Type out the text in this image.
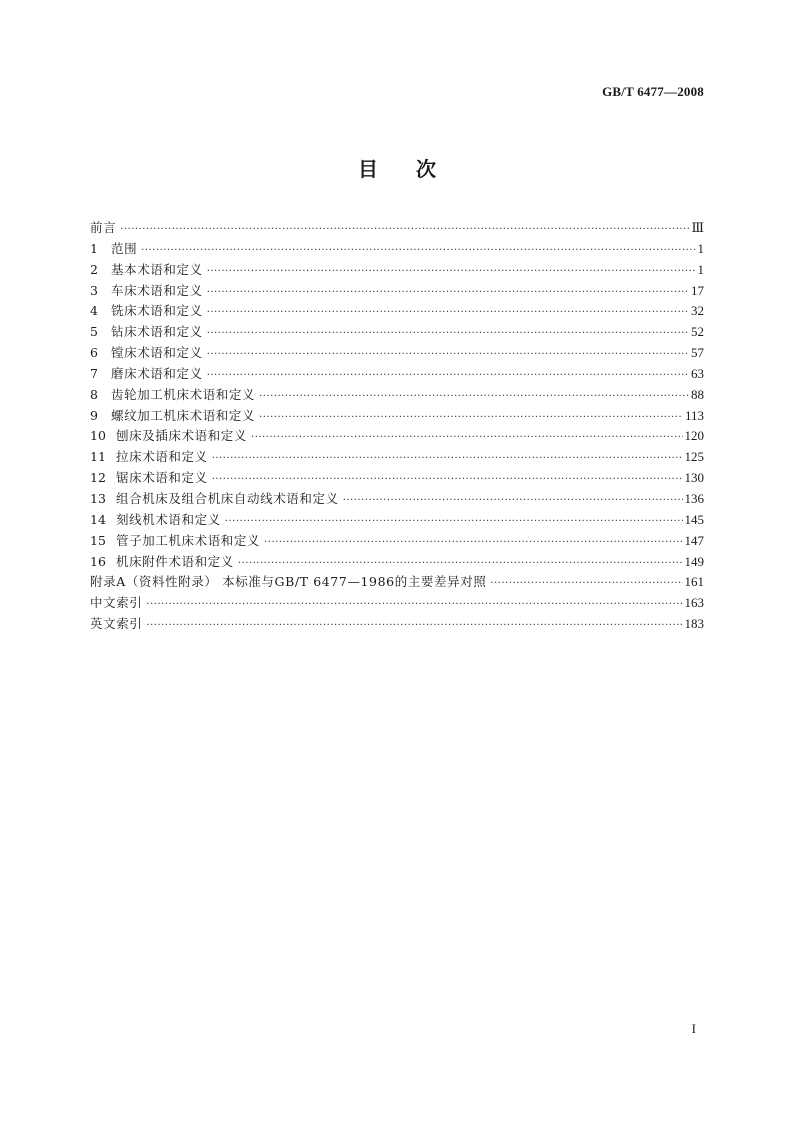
GB/T 6477—2008
目次
前言 ·····	Ⅲ
1	范围 ·····	1
2	基本术语和定义 ·····	1
3	车床术语和定义 ·····	17
4	铣床术语和定义 ·····	32
5	钻床术语和定义 ·····	52
6	镗床术语和定义 ·····	57
7	磨床术语和定义 ·····	63
8	齿轮加工机床术语和定义 ·····	88
9	螺纹加工机床术语和定义 ·····	113
10 刨床及插床术语和定义 ·····	120
11 拉床术语和定义 ·····	125
12 锯床术语和定义 ·····	130
13 组合机床及组合机床自动线术语和定义 ·····	136
14 刻线机术语和定义 ·····	145
15 管子加工机床术语和定义 ·····	147
16 机床附件术语和定义 ·····	149
附录A（资料性附录） 本标准与GB/T 6477—1986的主要差异对照 ·····	161
中文索引 ·····	163
英文索引 ·····	183
I
